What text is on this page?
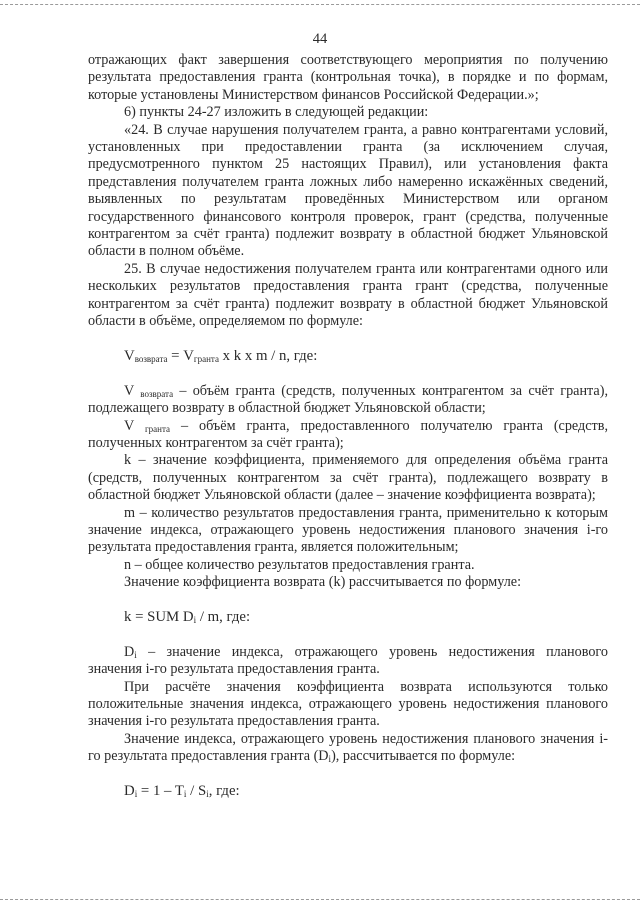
44

отражающих факт завершения соответствующего мероприятия по получению результата предоставления гранта (контрольная точка), в порядке и по формам, которые установлены Министерством финансов Российской Федерации.»;

6) пункты 24-27 изложить в следующей редакции:

«24. В случае нарушения получателем гранта, а равно контрагентами условий, установленных при предоставлении гранта (за исключением случая, предусмотренного пунктом 25 настоящих Правил), или установления факта представления получателем гранта ложных либо намеренно искажённых сведений, выявленных по результатам проведённых Министерством или органом государственного финансового контроля проверок, грант (средства, полученные контрагентом за счёт гранта) подлежит возврату в областной бюджет Ульяновской области в полном объёме.

25. В случае недостижения получателем гранта или контрагентами одного или нескольких результатов предоставления гранта грант (средства, полученные контрагентом за счёт гранта) подлежит возврату в областной бюджет Ульяновской области в объёме, определяемом по формуле:

$V_{возврата} = V_{гранта}$ x k x m / n, где:

V $_{возврата}$ – объём гранта (средств, полученных контрагентом за счёт гранта), подлежащего возврату в областной бюджет Ульяновской области;

V $_{гранта}$ – объём гранта, предоставленного получателю гранта (средств, полученных контрагентом за счёт гранта);

k – значение коэффициента, применяемого для определения объёма гранта (средств, полученных контрагентом за счёт гранта), подлежащего возврату в областной бюджет Ульяновской области (далее – значение коэффициента возврата);

m – количество результатов предоставления гранта, применительно к которым значение индекса, отражающего уровень недостижения планового значения i-го результата предоставления гранта, является положительным;

n – общее количество результатов предоставления гранта.

Значение коэффициента возврата (k) рассчитывается по формуле:

k = SUM $D_i$ / m, где:

$D_i$ – значение индекса, отражающего уровень недостижения планового значения i-го результата предоставления гранта.

При расчёте значения коэффициента возврата используются только положительные значения индекса, отражающего уровень недостижения планового значения i-го результата предоставления гранта.

Значение индекса, отражающего уровень недостижения планового значения i-го результата предоставления гранта $(D_i)$, рассчитывается по формуле:

$D_i = 1 - T_i / S_i$, где:
